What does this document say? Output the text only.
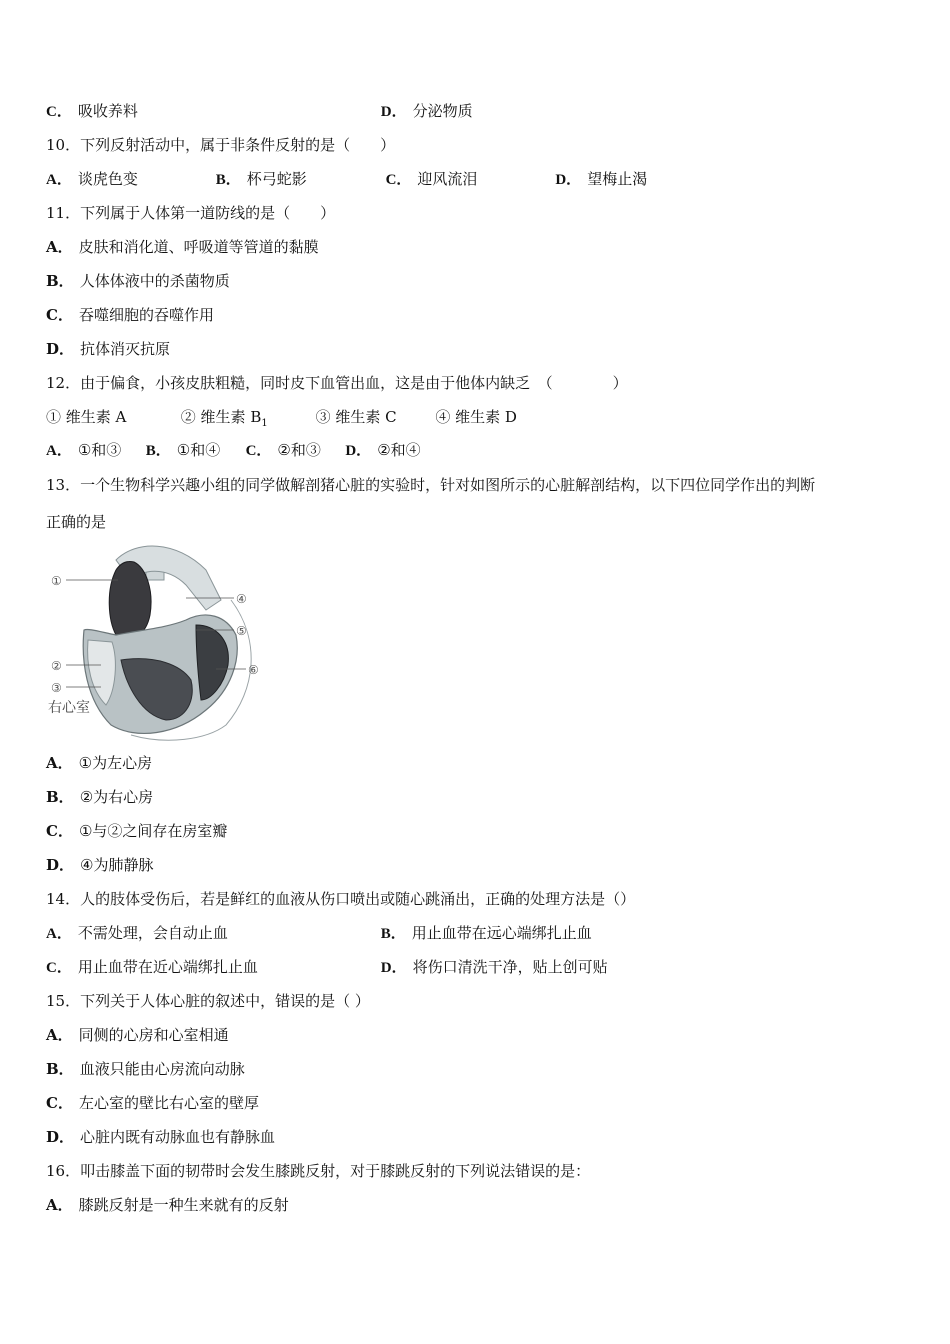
C． 吸收养料	D． 分泌物质
10．下列反射活动中，属于非条件反射的是（　　）
A． 谈虎色变	B． 杯弓蛇影	C． 迎风流泪	D． 望梅止渴
11．下列属于人体第一道防线的是（　　）
A． 皮肤和消化道、呼吸道等管道的黏膜
B． 人体体液中的杀菌物质
C． 吞噬细胞的吞噬作用
D． 抗体消灭抗原
12．由于偏食，小孩皮肤粗糙，同时皮下血管出血，这是由于他体内缺乏　（　　　　）
① 维生素 A	② 维生素 $B_1$	③ 维生素 C	④ 维生素 D
A． ①和③ B． ①和④ C． ②和③ D． ②和④
13．一个生物科学兴趣小组的同学做解剖猪心脏的实验时，针对如图所示的心脏解剖结构，以下四位同学作出的判断
正确的是
①
②
③
④
⑤
⑥
右心室
A． ①为左心房
B． ②为右心房
C． ①与②之间存在房室瓣
D． ④为肺静脉
14．人的肢体受伤后，若是鲜红的血液从伤口喷出或随心跳涌出，正确的处理方法是（）
A． 不需处理，会自动止血	B． 用止血带在远心端绑扎止血
C． 用止血带在近心端绑扎止血	D． 将伤口清洗干净，贴上创可贴
15．下列关于人体心脏的叙述中，错误的是（ ）
A． 同侧的心房和心室相通
B． 血液只能由心房流向动脉
C． 左心室的壁比右心室的壁厚
D． 心脏内既有动脉血也有静脉血
16．叩击膝盖下面的韧带时会发生膝跳反射，对于膝跳反射的下列说法错误的是：
A． 膝跳反射是一种生来就有的反射
